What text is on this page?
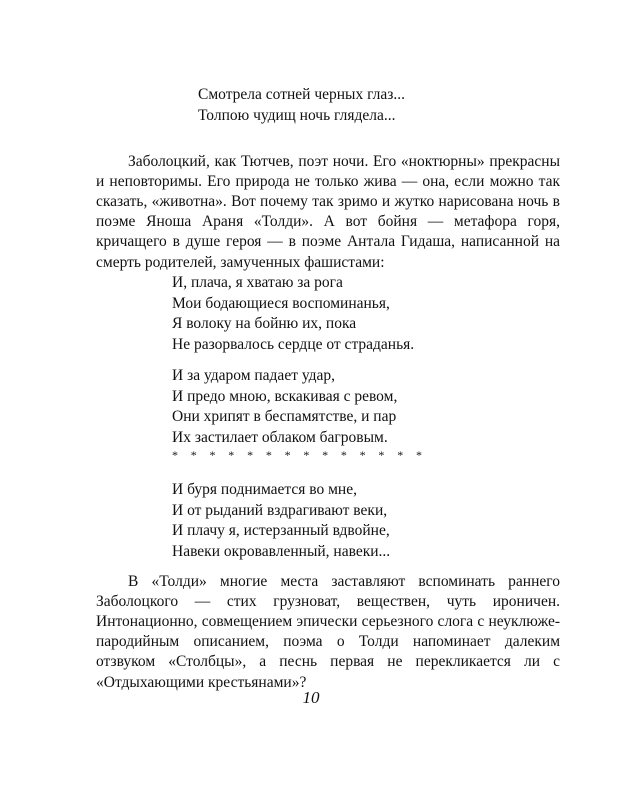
Смотрела сотней черных глаз...
Толпою чудищ ночь глядела...

Заболоцкий, как Тютчев, поэт ночи. Его «ноктюрны» прекрасны и неповторимы. Его природа не только жива — она, если можно так сказать, «животна». Вот почему так зримо и жутко нарисована ночь в поэме Яноша Араня «Толди». А вот бойня — метафора горя, кричащего в душе героя — в поэме Антала Гидаша, написанной на смерть родителей, замученных фашистами:

И, плача, я хватаю за рога
Мои бодающиеся воспоминанья,
Я волоку на бойню их, пока
Не разорвалось сердце от страданья.
И за ударом падает удар,
И предо мною, вскакивая с ревом,
Они хрипят в беспамятстве, и пар
Их застилает облаком багровым.
* * * * * * * * * * * * * *
И буря поднимается во мне,
И от рыданий вздрагивают веки,
И плачу я, истерзанный вдвойне,
Навеки окровавленный, навеки...

В «Толди» многие места заставляют вспоминать раннего Заболоцкого — стих грузноват, веществен, чуть ироничен. Интонационно, совмещением эпически серьезного слога с неуклюже-пародийным описанием, поэма о Толди напоминает далеким отзвуком «Столбцы», а песнь первая не перекликается ли с «Отдыхающими крестьянами»?

10
